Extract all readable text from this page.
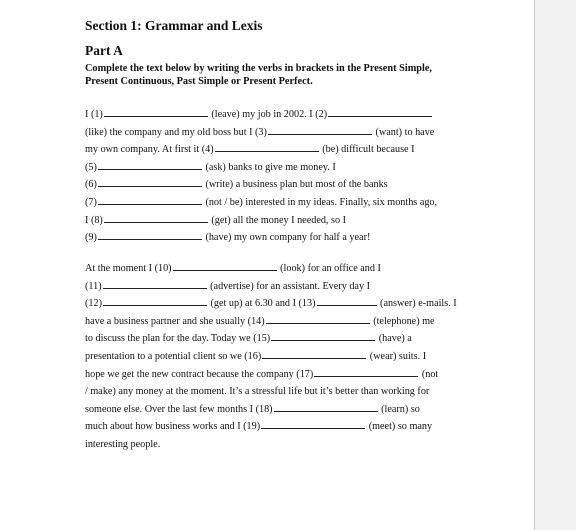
Section 1: Grammar and Lexis
Part A
Complete the text below by writing the verbs in brackets in the Present Simple, Present Continuous, Past Simple or Present Perfect.
I (1)	(leave) my job in 2002. I (2)
(like) the company and my old boss but I (3)	(want) to have
my own company. At first it (4)	(be) difficult because I
(5)	(ask) banks to give me money. I
(6)	(write) a business plan but most of the banks
(7)	(not / be) interested in my ideas. Finally, six months ago,
I (8)	(get) all the money I needed, so I
(9)	(have) my own company for half a year!
At the moment I (10)	(look) for an office and I
(11)	(advertise) for an assistant. Every day I
(12)	(get up) at 6.30 and I (13)	(answer) e-mails. I
have a business partner and she usually (14)	(telephone) me
to discuss the plan for the day. Today we (15)	(have) a
presentation to a potential client so we (16)	(wear) suits. I
hope we get the new contract because the company (17)	(not
/ make) any money at the moment. It’s a stressful life but it’s better than working for
someone else. Over the last few months I (18)	(learn) so
much about how business works and I (19)	(meet) so many
interesting people.
